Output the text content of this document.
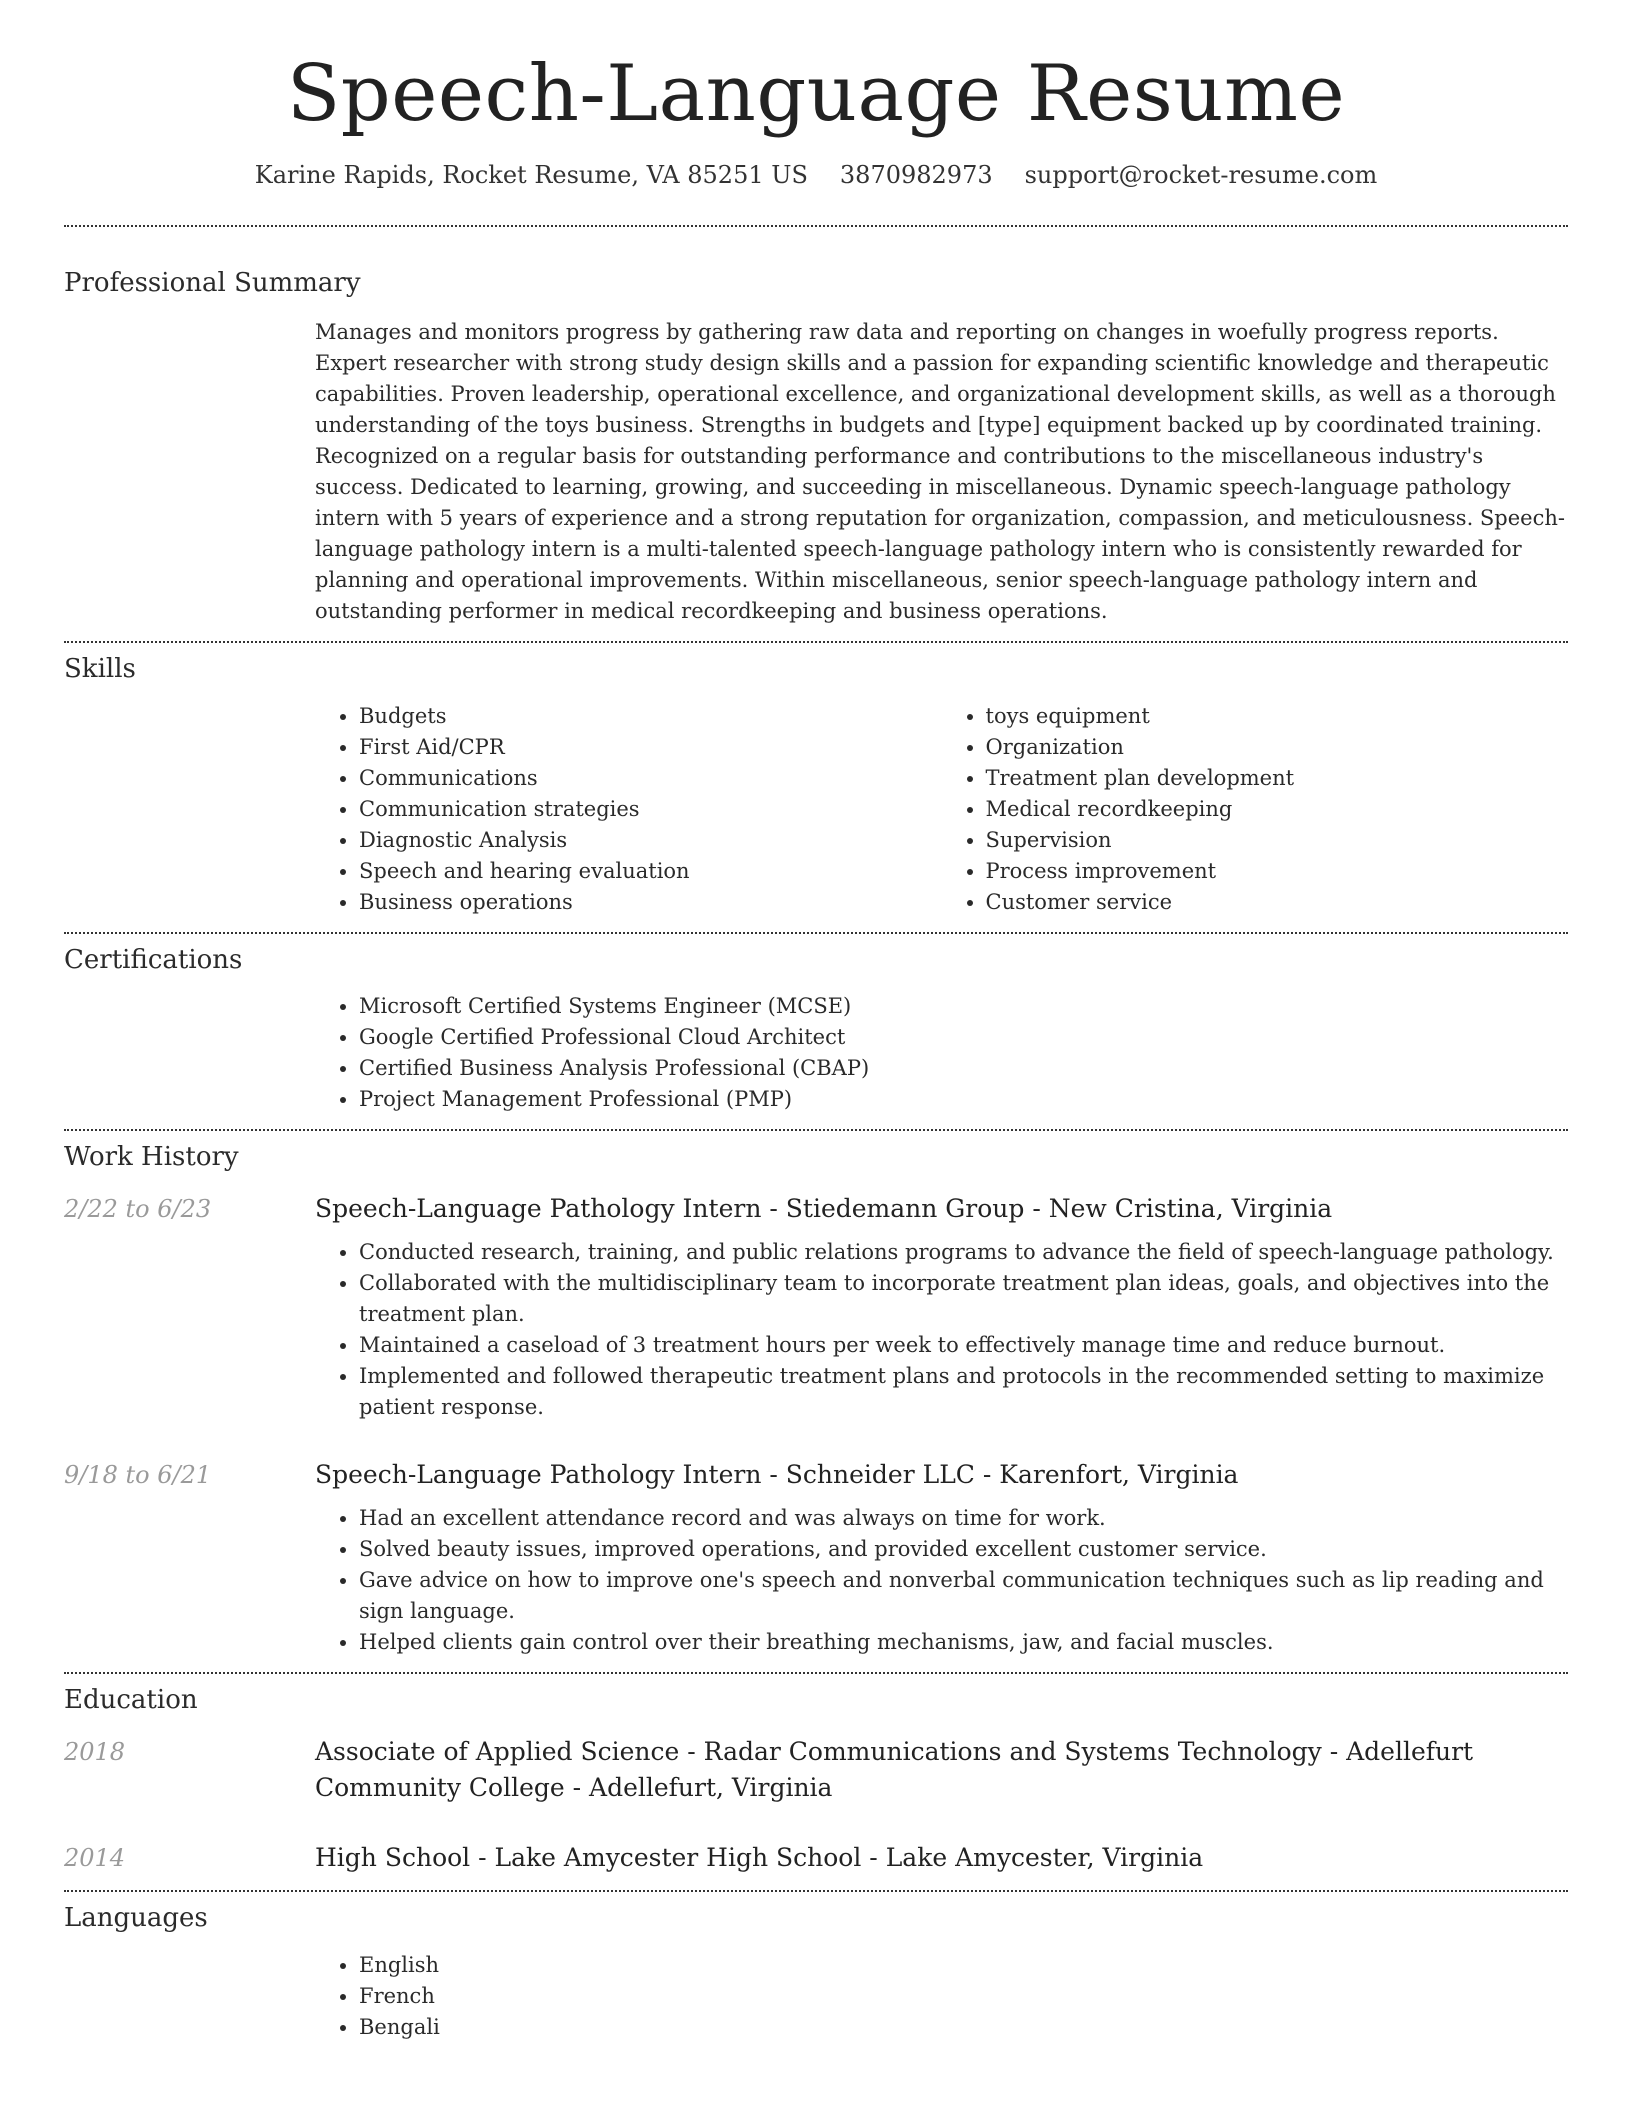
Speech-Language Resume
Karine Rapids, Rocket Resume, VA 85251 US 3870982973 support@rocket-resume.com
Professional Summary
Manages and monitors progress by gathering raw data and reporting on changes in woefully progress reports. Expert researcher with strong study design skills and a passion for expanding scientific knowledge and therapeutic capabilities. Proven leadership, operational excellence, and organizational development skills, as well as a thorough understanding of the toys business. Strengths in budgets and [type] equipment backed up by coordinated training. Recognized on a regular basis for outstanding performance and contributions to the miscellaneous industry's success. Dedicated to learning, growing, and succeeding in miscellaneous. Dynamic speech-language pathology intern with 5 years of experience and a strong reputation for organization, compassion, and meticulousness. Speech-language pathology intern is a multi-talented speech-language pathology intern who is consistently rewarded for planning and operational improvements. Within miscellaneous, senior speech-language pathology intern and outstanding performer in medical recordkeeping and business operations.
Skills
• Budgets
• First Aid/CPR
• Communications
• Communication strategies
• Diagnostic Analysis
• Speech and hearing evaluation
• Business operations
• toys equipment
• Organization
• Treatment plan development
• Medical recordkeeping
• Supervision
• Process improvement
• Customer service
Certifications
• Microsoft Certified Systems Engineer (MCSE)
• Google Certified Professional Cloud Architect
• Certified Business Analysis Professional (CBAP)
• Project Management Professional (PMP)
Work History
2/22 to 6/23	Speech-Language Pathology Intern - Stiedemann Group - New Cristina, Virginia
• Conducted research, training, and public relations programs to advance the field of speech-language pathology.
• Collaborated with the multidisciplinary team to incorporate treatment plan ideas, goals, and objectives into the treatment plan.
• Maintained a caseload of 3 treatment hours per week to effectively manage time and reduce burnout.
• Implemented and followed therapeutic treatment plans and protocols in the recommended setting to maximize patient response.
9/18 to 6/21	Speech-Language Pathology Intern - Schneider LLC - Karenfort, Virginia
• Had an excellent attendance record and was always on time for work.
• Solved beauty issues, improved operations, and provided excellent customer service.
• Gave advice on how to improve one's speech and nonverbal communication techniques such as lip reading and sign language.
• Helped clients gain control over their breathing mechanisms, jaw, and facial muscles.
Education
2018	Associate of Applied Science - Radar Communications and Systems Technology - Adellefurt Community College - Adellefurt, Virginia
2014	High School - Lake Amycester High School - Lake Amycester, Virginia
Languages
• English
• French
• Bengali
